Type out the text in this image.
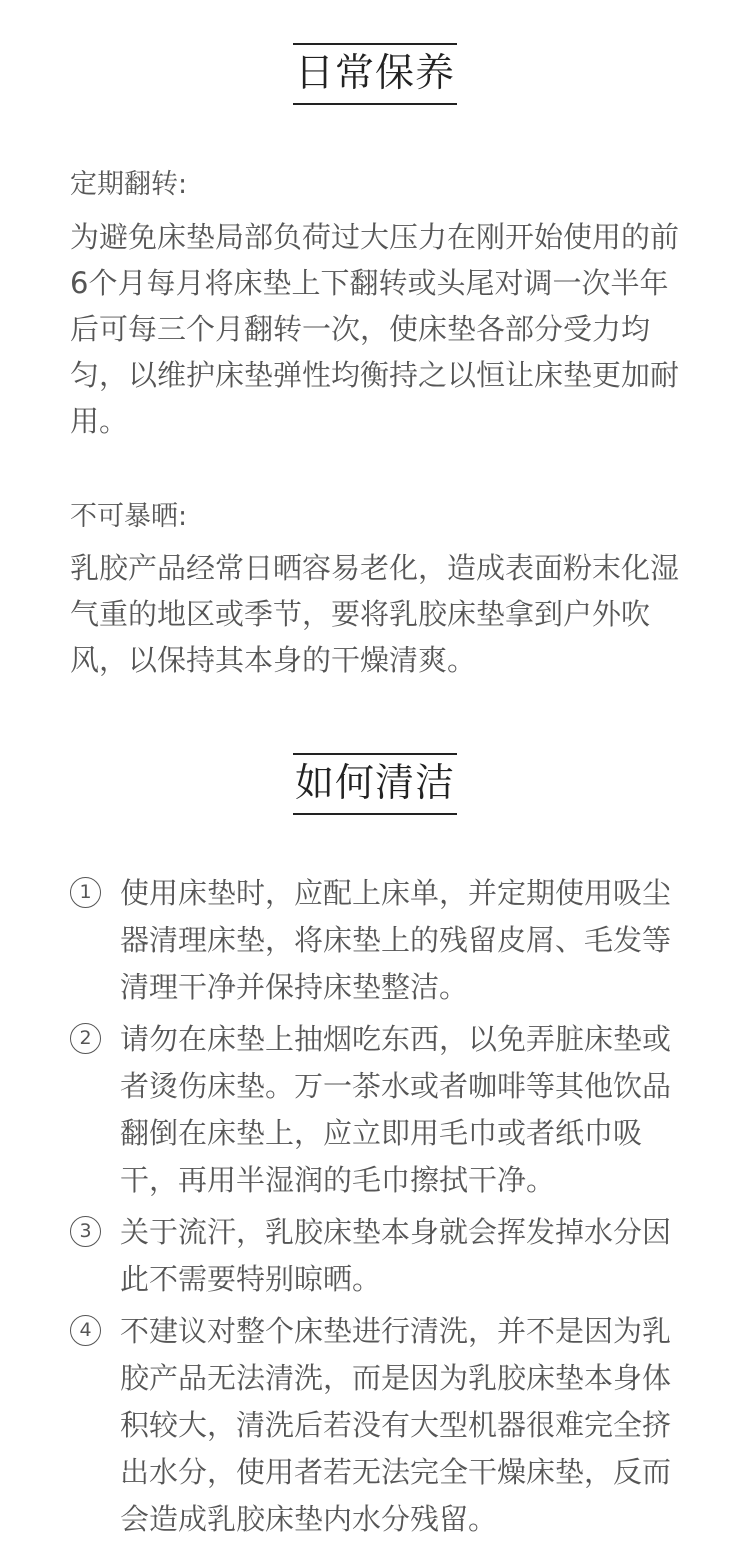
日常保养
定期翻转:
为避免床垫局部负荷过大压力在刚开始使用的前6个月每月将床垫上下翻转或头尾对调一次半年后可每三个月翻转一次，使床垫各部分受力均匀，以维护床垫弹性均衡持之以恒让床垫更加耐用。
不可暴晒:
乳胶产品经常日晒容易老化，造成表面粉末化湿气重的地区或季节，要将乳胶床垫拿到户外吹风，以保持其本身的干燥清爽。
如何清洁
1 使用床垫时，应配上床单，并定期使用吸尘器清理床垫，将床垫上的残留皮屑、毛发等清理干净并保持床垫整洁。
2 请勿在床垫上抽烟吃东西，以免弄脏床垫或者烫伤床垫。万一茶水或者咖啡等其他饮品翻倒在床垫上，应立即用毛巾或者纸巾吸干，再用半湿润的毛巾擦拭干净。
3 关于流汗，乳胶床垫本身就会挥发掉水分因此不需要特别晾晒。
4 不建议对整个床垫进行清洗，并不是因为乳胶产品无法清洗，而是因为乳胶床垫本身体积较大，清洗后若没有大型机器很难完全挤出水分，使用者若无法完全干燥床垫，反而会造成乳胶床垫内水分残留。
